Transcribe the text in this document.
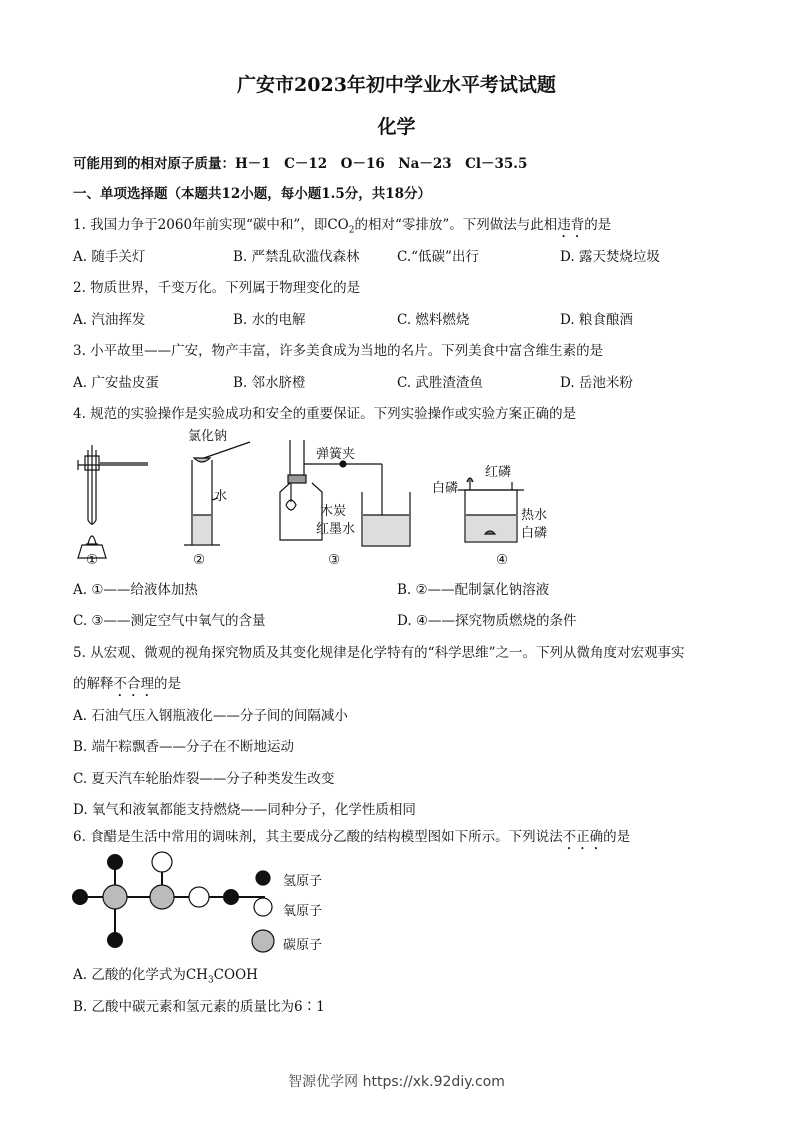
广安市2023年初中学业水平考试试题
化学
可能用到的相对原子质量：H－1　C－12　O－16　Na－23　Cl－35.5
一、单项选择题（本题共12小题，每小题1.5分，共18分）
1. 我国力争于2060年前实现“碳中和”，即$CO_2$的相对“零排放”。下列做法与此相违背的是
A. 随手关灯	B. 严禁乱砍滥伐森林	C.“低碳”出行	D. 露天焚烧垃圾
2. 物质世界，千变万化。下列属于物理变化的是
A. 汽油挥发	B. 水的电解	C. 燃料燃烧	D. 粮食酿酒
3. 小平故里——广安，物产丰富，许多美食成为当地的名片。下列美食中富含维生素的是
A. 广安盐皮蛋	B. 邻水脐橙	C. 武胜渣渣鱼	D. 岳池米粉
4. 规范的实验操作是实验成功和安全的重要保证。下列实验操作或实验方案正确的是
氯化钠
水
弹簧夹
木炭
红墨水
红磷
白磷
热水
白磷
①	②	③	④
A. ①——给液体加热	B. ②——配制氯化钠溶液
C. ③——测定空气中氧气的含量	D. ④——探究物质燃烧的条件
5. 从宏观、微观的视角探究物质及其变化规律是化学特有的“科学思维”之一。下列从微角度对宏观事实
的解释不合理的是
A. 石油气压入钢瓶液化——分子间的间隔减小
B. 端午粽飘香——分子在不断地运动
C. 夏天汽车轮胎炸裂——分子种类发生改变
D. 氧气和液氧都能支持燃烧——同种分子，化学性质相同
6. 食醋是生活中常用的调味剂，其主要成分乙酸的结构模型图如下所示。下列说法不正确的是
氢原子
氧原子
碳原子
A. 乙酸的化学式为$CH_3COOH$
B. 乙酸中碳元素和氢元素的质量比为6∶1
智源优学网 https://xk.92diy.com
